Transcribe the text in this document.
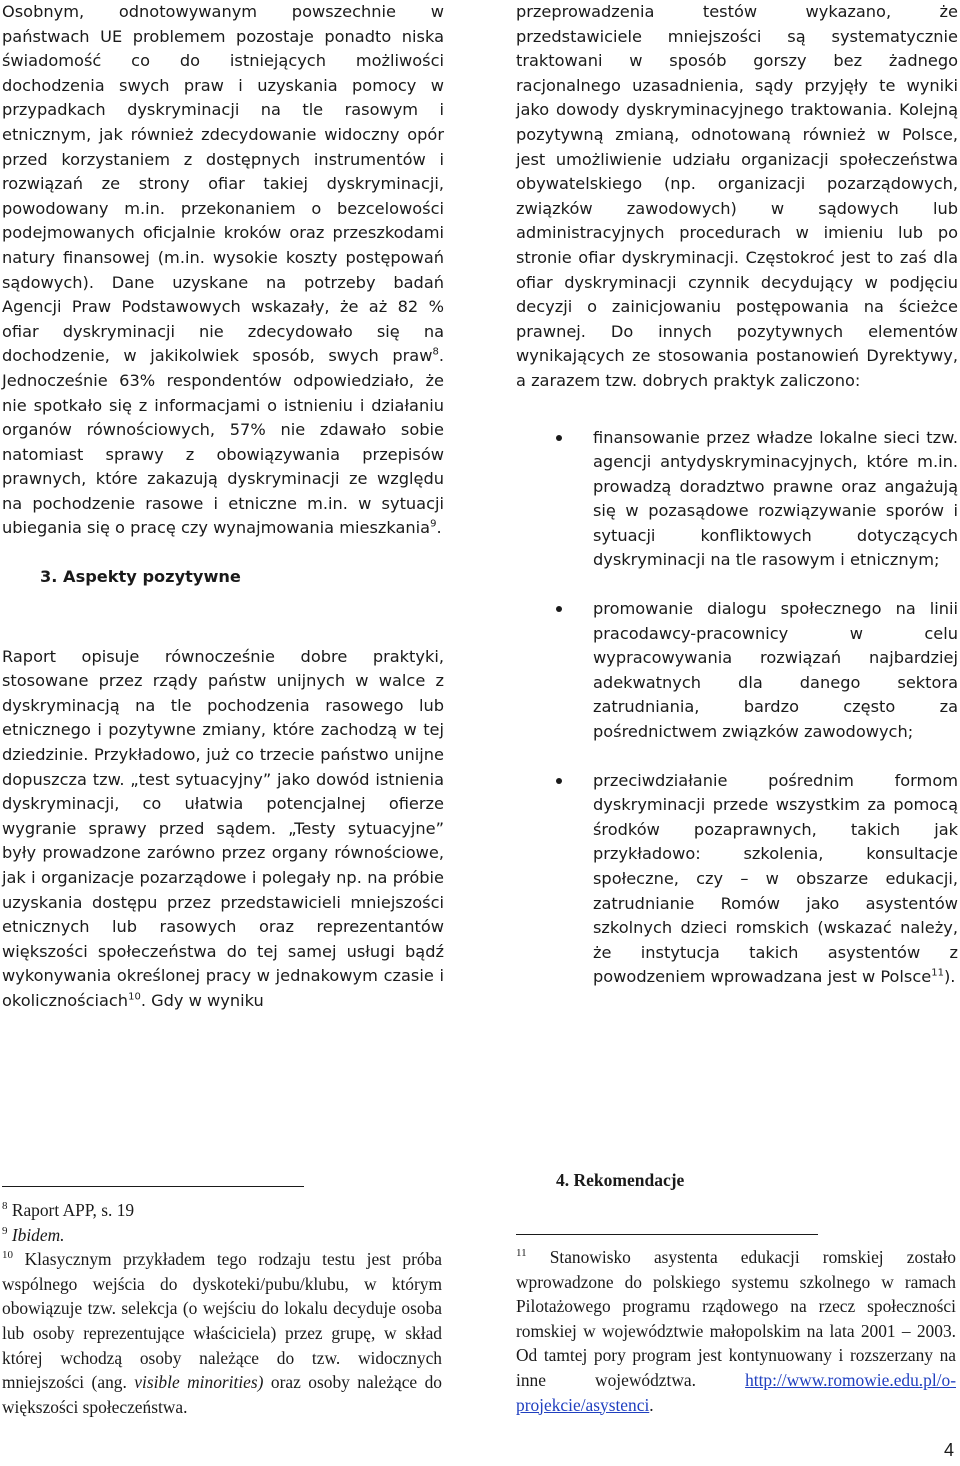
Osobnym, odnotowywanym powszechnie w państwach UE problemem pozostaje ponadto niska świadomość co do istniejących możliwości dochodzenia swych praw i uzyskania pomocy w przypadkach dyskryminacji na tle rasowym i etnicznym, jak również zdecydowanie widoczny opór przed korzystaniem z dostępnych instrumentów i rozwiązań ze strony ofiar takiej dyskryminacji, powodowany m.in. przekonaniem o bezcelowości podejmowanych oficjalnie kroków oraz przeszkodami natury finansowej (m.in. wysokie koszty postępowań sądowych). Dane uzyskane na potrzeby badań Agencji Praw Podstawowych wskazały, że aż 82 % ofiar dyskryminacji nie zdecydowało się na dochodzenie, w jakikolwiek sposób, swych praw$^8$. Jednocześnie 63% respondentów odpowiedziało, że nie spotkało się z informacjami o istnieniu i działaniu organów równościowych, 57% nie zdawało sobie natomiast sprawy z obowiązywania przepisów prawnych, które zakazują dyskryminacji ze względu na pochodzenie rasowe i etniczne m.in. w sytuacji ubiegania się o pracę czy wynajmowania mieszkania$^9$.

3. Aspekty pozytywne

Raport opisuje równocześnie dobre praktyki, stosowane przez rządy państw unijnych w walce z dyskryminacją na tle pochodzenia rasowego lub etnicznego i pozytywne zmiany, które zachodzą w tej dziedzinie. Przykładowo, już co trzecie państwo unijne dopuszcza tzw. „test sytuacyjny” jako dowód istnienia dyskryminacji, co ułatwia potencjalnej ofierze wygranie sprawy przed sądem. „Testy sytuacyjne” były prowadzone zarówno przez organy równościowe, jak i organizacje pozarządowe i polegały np. na próbie uzyskania dostępu przez przedstawicieli mniejszości etnicznych lub rasowych oraz reprezentantów większości społeczeństwa do tej samej usługi bądź wykonywania określonej pracy w jednakowym czasie i okolicznościach$^{10}$. Gdy w wyniku

przeprowadzenia testów wykazano, że przedstawiciele mniejszości są systematycznie traktowani w sposób gorszy bez żadnego racjonalnego uzasadnienia, sądy przyjęły te wyniki jako dowody dyskryminacyjnego traktowania. Kolejną pozytywną zmianą, odnotowaną również w Polsce, jest umożliwienie udziału organizacji społeczeństwa obywatelskiego (np. organizacji pozarządowych, związków zawodowych) w sądowych lub administracyjnych procedurach w imieniu lub po stronie ofiar dyskryminacji. Częstokroć jest to zaś dla ofiar dyskryminacji czynnik decydujący w podjęciu decyzji o zainicjowaniu postępowania na ścieżce prawnej. Do innych pozytywnych elementów wynikających ze stosowania postanowień Dyrektywy, a zarazem tzw. dobrych praktyk zaliczono:

finansowanie przez władze lokalne sieci tzw. agencji antydyskryminacyjnych, które m.in. prowadzą doradztwo prawne oraz angażują się w pozasądowe rozwiązywanie sporów i sytuacji konfliktowych dotyczących dyskryminacji na tle rasowym i etnicznym;
promowanie dialogu społecznego na linii pracodawcy-pracownicy w celu wypracowywania rozwiązań najbardziej adekwatnych dla danego sektora zatrudniania, bardzo często za pośrednictwem związków zawodowych;
przeciwdziałanie pośrednim formom dyskryminacji przede wszystkim za pomocą środków pozaprawnych, takich jak przykładowo: szkolenia, konsultacje społeczne, czy – w obszarze edukacji, zatrudnianie Romów jako asystentów szkolnych dzieci romskich (wskazać należy, że instytucja takich asystentów z powodzeniem wprowadzana jest w Polsce$^{11}$).
4. Rekomendacje

$^8$ Raport APP, s. 19

$^9$ Ibidem.

$^{10}$ Klasycznym przykładem tego rodzaju testu jest próba wspólnego wejścia do dyskoteki/pubu/klubu, w którym obowiązuje tzw. selekcja (o wejściu do lokalu decyduje osoba lub osoby reprezentujące właściciela) przez grupę, w skład której wchodzą osoby należące do tzw. widocznych mniejszości (ang. visible minorities) oraz osoby należące do większości społeczeństwa.

$^{11}$ Stanowisko asystenta edukacji romskiej zostało wprowadzone do polskiego systemu szkolnego w ramach Pilotażowego programu rządowego na rzecz społeczności romskiej w województwie małopolskim na lata 2001 – 2003. Od tamtej pory program jest kontynuowany i rozszerzany na inne województwa. http://www.romowie.edu.pl/o-projekcie/asystenci.

4
